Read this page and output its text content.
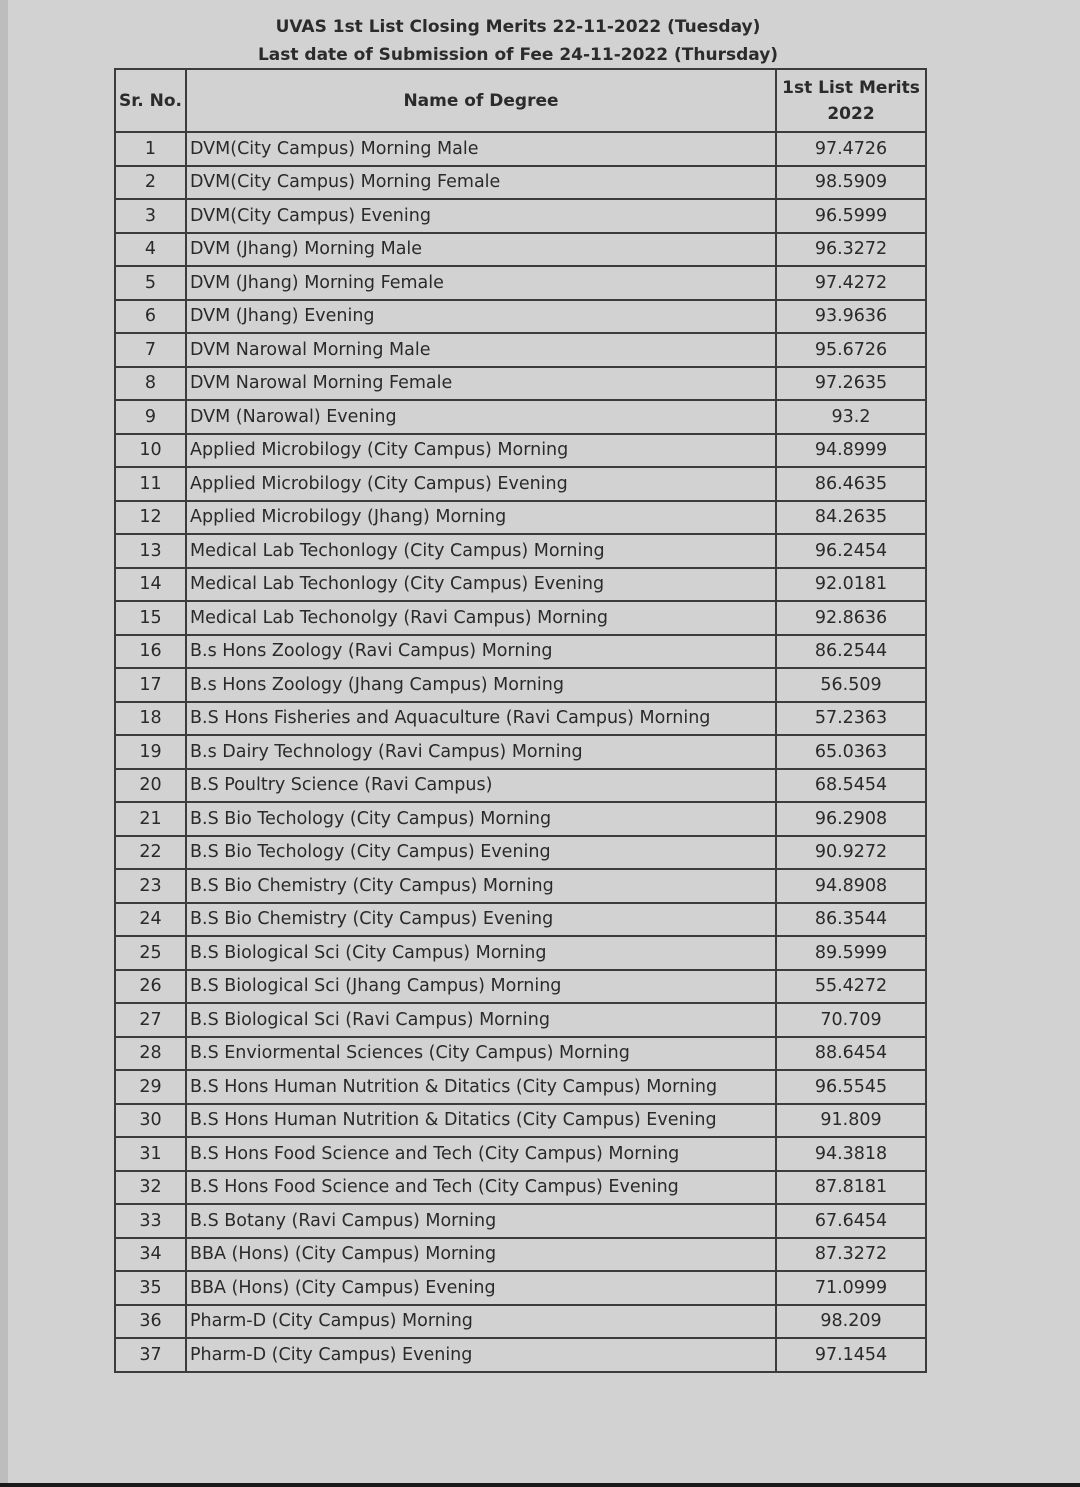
UVAS 1st List Closing Merits 22-11-2022 (Tuesday)
Last date of Submission of Fee 24-11-2022 (Thursday)
Sr. No.	Name of Degree	1st List Merits
2022

1	DVM(City Campus) Morning Male	97.4726
2	DVM(City Campus) Morning Female	98.5909
3	DVM(City Campus) Evening	96.5999
4	DVM (Jhang) Morning Male	96.3272
5	DVM (Jhang) Morning Female	97.4272
6	DVM (Jhang) Evening	93.9636
7	DVM Narowal Morning Male	95.6726
8	DVM Narowal Morning Female	97.2635
9	DVM (Narowal) Evening	93.2
10	Applied Microbilogy (City Campus) Morning	94.8999
11	Applied Microbilogy (City Campus) Evening	86.4635
12	Applied Microbilogy (Jhang) Morning	84.2635
13	Medical Lab Techonlogy (City Campus) Morning	96.2454
14	Medical Lab Techonlogy (City Campus) Evening	92.0181
15	Medical Lab Techonolgy (Ravi Campus) Morning	92.8636
16	B.s Hons Zoology (Ravi Campus) Morning	86.2544
17	B.s Hons Zoology (Jhang Campus) Morning	56.509
18	B.S Hons Fisheries and Aquaculture (Ravi Campus) Morning	57.2363
19	B.s Dairy Technology (Ravi Campus) Morning	65.0363
20	B.S Poultry Science (Ravi Campus)	68.5454
21	B.S Bio Techology (City Campus) Morning	96.2908
22	B.S Bio Techology (City Campus) Evening	90.9272
23	B.S Bio Chemistry (City Campus) Morning	94.8908
24	B.S Bio Chemistry (City Campus) Evening	86.3544
25	B.S Biological Sci (City Campus) Morning	89.5999
26	B.S Biological Sci (Jhang Campus) Morning	55.4272
27	B.S Biological Sci (Ravi Campus) Morning	70.709
28	B.S Enviormental Sciences (City Campus) Morning	88.6454
29	B.S Hons Human Nutrition & Ditatics (City Campus) Morning	96.5545
30	B.S Hons Human Nutrition & Ditatics (City Campus) Evening	91.809
31	B.S Hons Food Science and Tech (City Campus) Morning	94.3818
32	B.S Hons Food Science and Tech (City Campus) Evening	87.8181
33	B.S Botany (Ravi Campus) Morning	67.6454
34	BBA (Hons) (City Campus) Morning	87.3272
35	BBA (Hons) (City Campus) Evening	71.0999
36	Pharm-D (City Campus) Morning	98.209
37	Pharm-D (City Campus) Evening	97.1454
